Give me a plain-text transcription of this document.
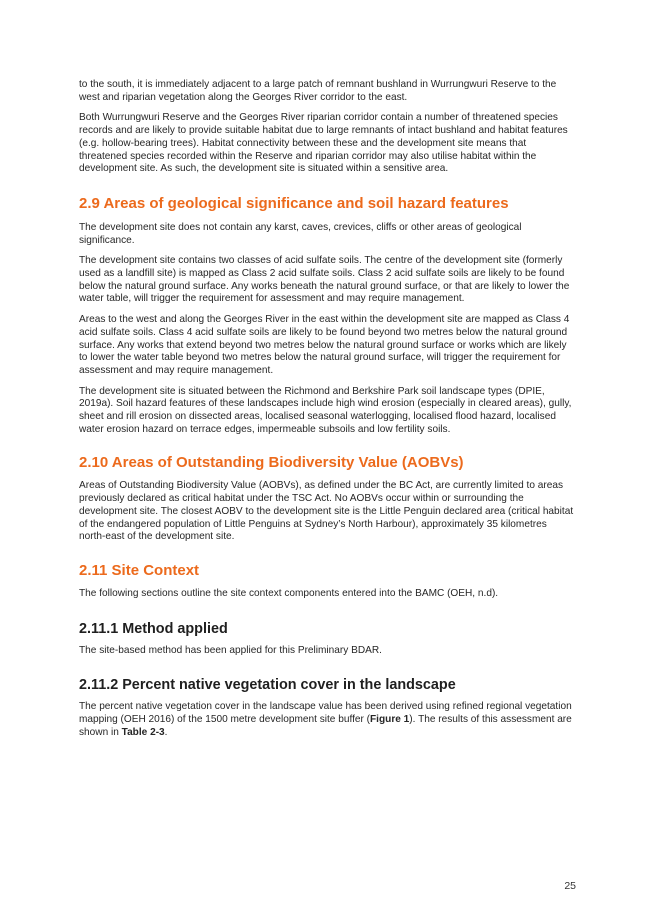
to the south, it is immediately adjacent to a large patch of remnant bushland in Wurrungwuri Reserve to the west and riparian vegetation along the Georges River corridor to the east.

Both Wurrungwuri Reserve and the Georges River riparian corridor contain a number of threatened species records and are likely to provide suitable habitat due to large remnants of intact bushland and habitat features (e.g. hollow-bearing trees). Habitat connectivity between these and the development site means that threatened species recorded within the Reserve and riparian corridor may also utilise habitat within the development site. As such, the development site is situated within a sensitive area.

2.9 Areas of geological significance and soil hazard features

The development site does not contain any karst, caves, crevices, cliffs or other areas of geological significance.

The development site contains two classes of acid sulfate soils. The centre of the development site (formerly used as a landfill site) is mapped as Class 2 acid sulfate soils. Class 2 acid sulfate soils are likely to be found below the natural ground surface. Any works beneath the natural ground surface, or that are likely to lower the water table, will trigger the requirement for assessment and may require management.

Areas to the west and along the Georges River in the east within the development site are mapped as Class 4 acid sulfate soils. Class 4 acid sulfate soils are likely to be found beyond two metres below the natural ground surface. Any works that extend beyond two metres below the natural ground surface or works which are likely to lower the water table beyond two metres below the natural ground surface, will trigger the requirement for assessment and may require management.

The development site is situated between the Richmond and Berkshire Park soil landscape types (DPIE, 2019a). Soil hazard features of these landscapes include high wind erosion (especially in cleared areas), gully, sheet and rill erosion on dissected areas, localised seasonal waterlogging, localised flood hazard, localised water erosion hazard on terrace edges, impermeable subsoils and low fertility soils.

2.10 Areas of Outstanding Biodiversity Value (AOBVs)

Areas of Outstanding Biodiversity Value (AOBVs), as defined under the BC Act, are currently limited to areas previously declared as critical habitat under the TSC Act. No AOBVs occur within or surrounding the development site. The closest AOBV to the development site is the Little Penguin declared area (critical habitat of the endangered population of Little Penguins at Sydney’s North Harbour), approximately 35 kilometres north-east of the development site.

2.11 Site Context

The following sections outline the site context components entered into the BAMC (OEH, n.d).

2.11.1 Method applied

The site-based method has been applied for this Preliminary BDAR.

2.11.2 Percent native vegetation cover in the landscape

The percent native vegetation cover in the landscape value has been derived using refined regional vegetation mapping (OEH 2016) of the 1500 metre development site buffer (Figure 1). The results of this assessment are shown in Table 2-3.

25
